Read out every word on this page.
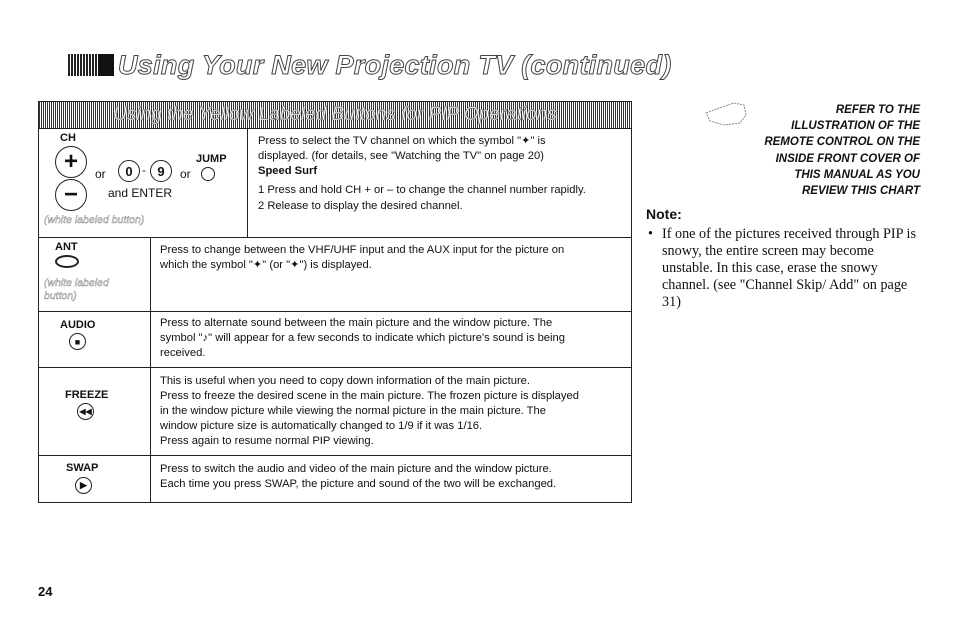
Using Your New Projection TV (continued)
Using the Yellow Labeled Buttons for PIP Operations
CH
+
−
or 0 - 9 or
JUMP
and ENTER
(white labeled button)
Press to select the TV channel on which the symbol "✦" is
displayed. (for details, see "Watching the TV" on page 20)
Speed Surf
1 Press and hold CH + or – to change the channel number rapidly.
2 Release to display the desired channel.
ANT
(white labeled button)
Press to change between the VHF/UHF input and the AUX input for the picture on
which the symbol "✦" (or "✦") is displayed.
AUDIO
■
Press to alternate sound between the main picture and the window picture. The
symbol "♪" will appear for a few seconds to indicate which picture's sound is being
received.
FREEZE
◀◀
This is useful when you need to copy down information of the main picture.
Press to freeze the desired scene in the main picture. The frozen picture is displayed
in the window picture while viewing the normal picture in the main picture. The
window picture size is automatically changed to 1/9 if it was 1/16.
Press again to resume normal PIP viewing.
SWAP
▶
Press to switch the audio and video of the main picture and the window picture.
Each time you press SWAP, the picture and sound of the two will be exchanged.
REFER TO THE
ILLUSTRATION OF THE
REMOTE CONTROL ON THE
INSIDE FRONT COVER OF
THIS MANUAL AS YOU
REVIEW THIS CHART
Note:
• If one of the pictures received through PIP is snowy, the entire screen may become unstable. In this case, erase the snowy channel. (see "Channel Skip/ Add" on page 31)
24
